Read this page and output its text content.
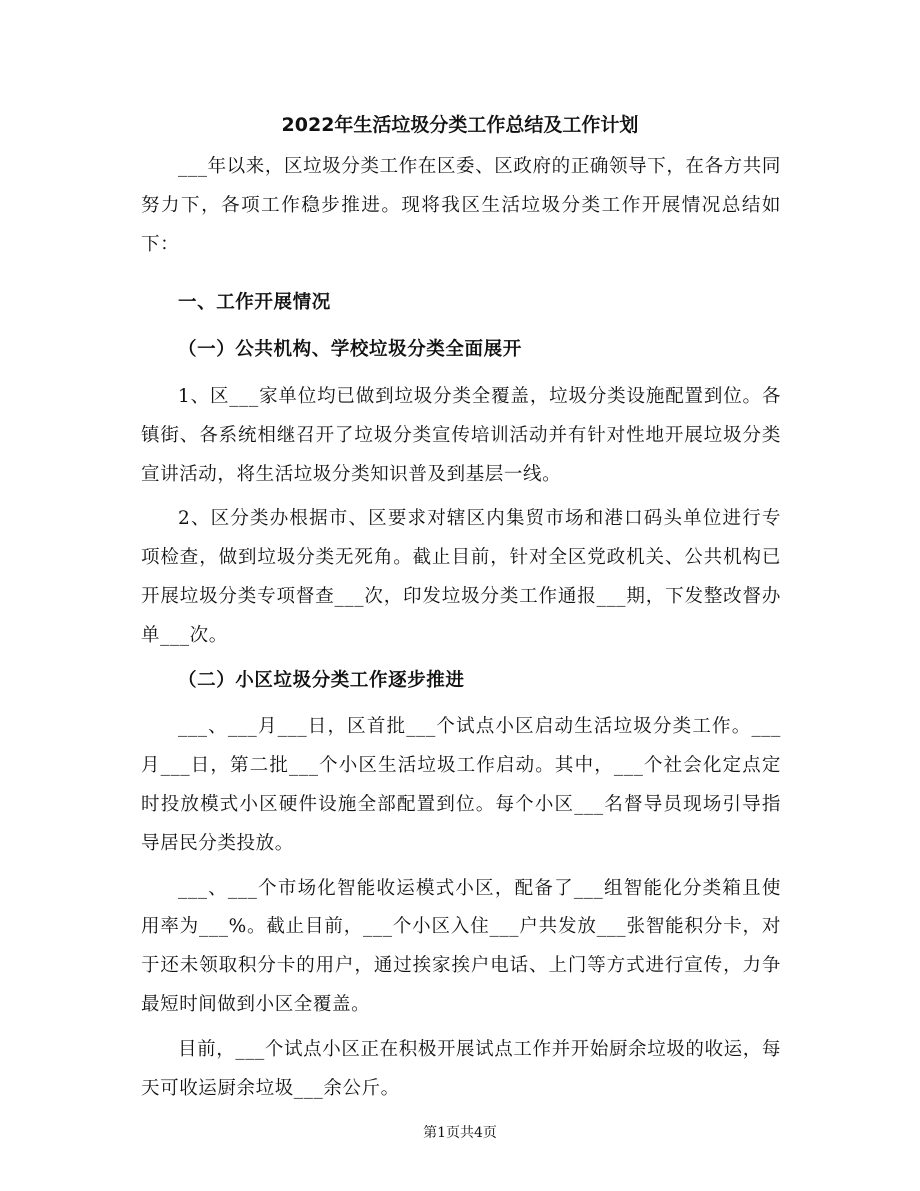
2022年生活垃圾分类工作总结及工作计划

___年以来，区垃圾分类工作在区委、区政府的正确领导下，在各方共同努力下，各项工作稳步推进。现将我区生活垃圾分类工作开展情况总结如下：

一、工作开展情况

（一）公共机构、学校垃圾分类全面展开

1、区___家单位均已做到垃圾分类全覆盖，垃圾分类设施配置到位。各镇街、各系统相继召开了垃圾分类宣传培训活动并有针对性地开展垃圾分类宣讲活动，将生活垃圾分类知识普及到基层一线。

2、区分类办根据市、区要求对辖区内集贸市场和港口码头单位进行专项检查，做到垃圾分类无死角。截止目前，针对全区党政机关、公共机构已开展垃圾分类专项督查___次，印发垃圾分类工作通报___期，下发整改督办单___次。

（二）小区垃圾分类工作逐步推进

___、___月___日，区首批___个试点小区启动生活垃圾分类工作。___月___日，第二批___个小区生活垃圾工作启动。其中，___个社会化定点定时投放模式小区硬件设施全部配置到位。每个小区___名督导员现场引导指导居民分类投放。

___、___个市场化智能收运模式小区，配备了___组智能化分类箱且使用率为___%。截止目前，___个小区入住___户共发放___张智能积分卡，对于还未领取积分卡的用户，通过挨家挨户电话、上门等方式进行宣传，力争最短时间做到小区全覆盖。

目前，___个试点小区正在积极开展试点工作并开始厨余垃圾的收运，每天可收运厨余垃圾___余公斤。

第1页共4页
